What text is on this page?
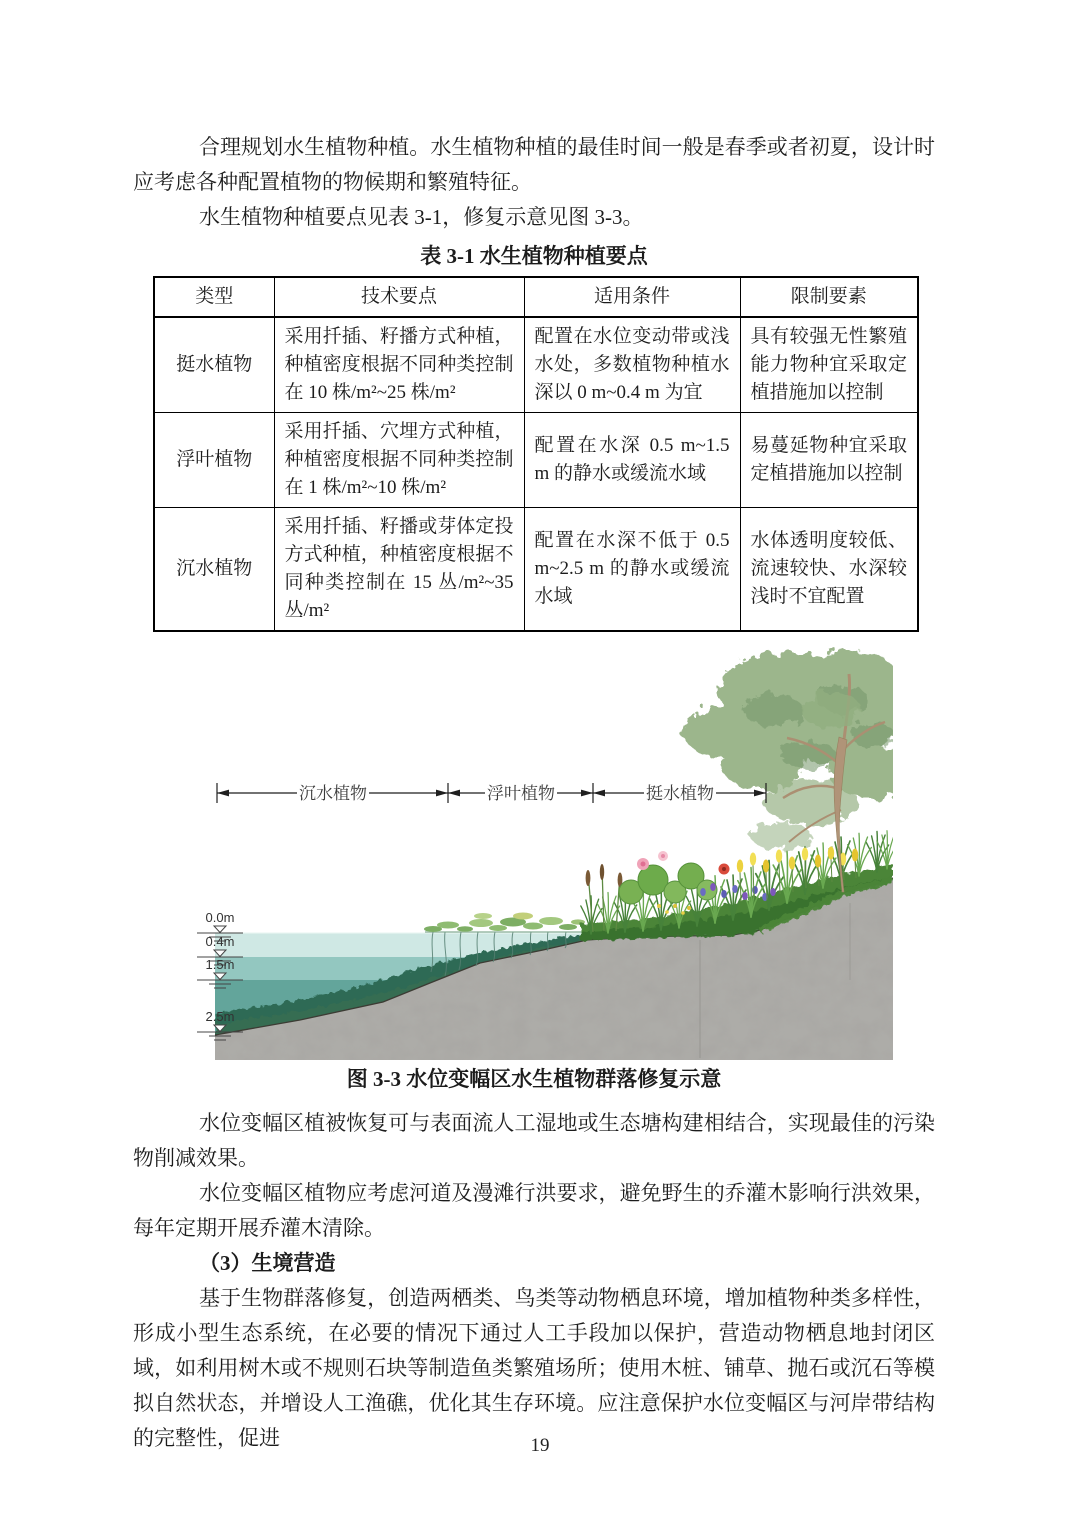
合理规划水生植物种植。水生植物种植的最佳时间一般是春季或者初夏，设计时应考虑各种配置植物的物候期和繁殖特征。

水生植物种植要点见表 3-1，修复示意见图 3-3。

表 3-1 水生植物种植要点
类型	技术要点	适用条件	限制要素
挺水植物	采用扦插、籽播方式种植，种植密度根据不同种类控制在 10 株/m²~25 株/m²	配置在水位变动带或浅水处，多数植物种植水深以 0 m~0.4 m 为宜	具有较强无性繁殖能力物种宜采取定植措施加以控制
浮叶植物	采用扦插、穴埋方式种植，种植密度根据不同种类控制在 1 株/m²~10 株/m²	配置在水深 0.5 m~1.5 m 的静水或缓流水域	易蔓延物种宜采取定植措施加以控制
沉水植物	采用扦插、籽播或芽体定投方式种植，种植密度根据不同种类控制在 15 丛/m²~35 丛/m²	配置在水深不低于 0.5 m~2.5 m 的静水或缓流水域	水体透明度较低、流速较快、水深较浅时不宜配置
沉水植物	浮叶植物	挺水植物
0.0m
0.4m
1.5m
2.5m
图 3-3 水位变幅区水生植物群落修复示意

水位变幅区植被恢复可与表面流人工湿地或生态塘构建相结合，实现最佳的污染物削减效果。

水位变幅区植物应考虑河道及漫滩行洪要求，避免野生的乔灌木影响行洪效果，每年定期开展乔灌木清除。

（3）生境营造

基于生物群落修复，创造两栖类、鸟类等动物栖息环境，增加植物种类多样性，形成小型生态系统，在必要的情况下通过人工手段加以保护，营造动物栖息地封闭区域，如利用树木或不规则石块等制造鱼类繁殖场所；使用木桩、铺草、抛石或沉石等模拟自然状态，并增设人工渔礁，优化其生存环境。应注意保护水位变幅区与河岸带结构的完整性，促进	19
